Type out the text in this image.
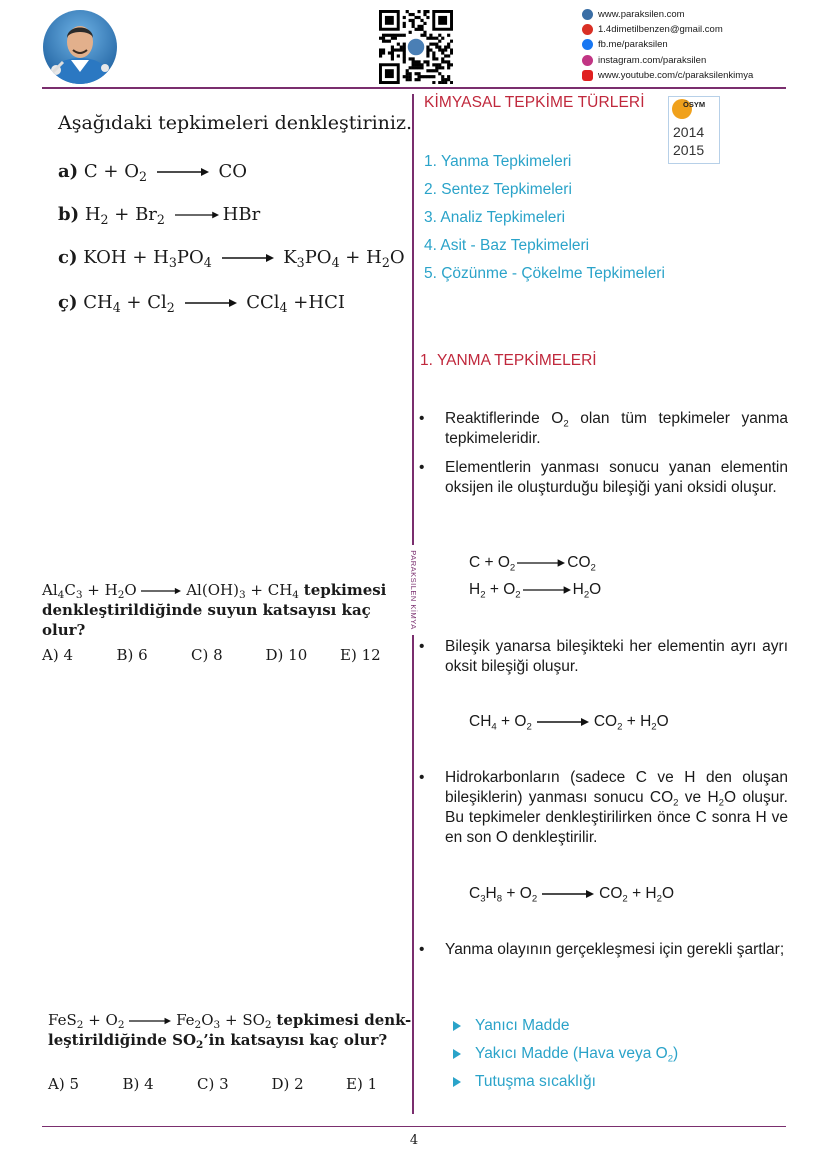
www.paraksilen.com
1.4dimetilbenzen@gmail.com
fb.me/paraksilen
instagram.com/paraksilen
www.youtube.com/c/paraksilenkimya
Aşağıdaki tepkimeleri denkleştiriniz.
a) $C + O_2$ → CO
b) $H_2 + Br_2$ → HBr
c) KOH + $H_3PO_4 \to K_3PO_4 + H_2O$
ç) $CH_4 + Cl_2 \to CCl_4 +HCI$
$Al_4C_3 + H_2O \to Al(OH)_3 + CH_4$ tepkimesi
denkleştirildiğinde suyun katsayısı kaç olur?
A) 4	B) 6	C) 8	D) 10	E) 12
$FeS_2 + O_2 \to Fe_2O_3 + SO_2$ tepkimesi denk-
leştirildiğinde $SO_2’in$ katsayısı kaç olur?
A) 5	B) 4	C) 3	D) 2	E) 1
PARAKSILEN KİMYA
KİMYASAL TEPKİME TÜRLERİ	ÖSYM
2014
2015
1. Yanma Tepkimeleri
2. Sentez Tepkimeleri
3. Analiz Tepkimeleri
4. Asit - Baz Tepkimeleri
5. Çözünme - Çökelme Tepkimeleri
1. YANMA TEPKİMELERİ
• Reaktiflerinde $O_2$ olan tüm tepkimeler yanma tepkimeleridir.
• Elementlerin yanması sonucu yanan elementin oksijen ile oluşturduğu bileşiği yani oksidi oluşur.
$C + O_2 \to CO_2$
$H_2 + O_2 \to H_2O$
• Bileşik yanarsa bileşikteki her elementin ayrı ayrı oksit bileşiği oluşur.
$CH_4 + O_2 \to CO_2 + H_2O$
• Hidrokarbonların (sadece C ve H den oluşan bileşiklerin) yanması sonucu $CO_2$ ve $H_2O$ oluşur. Bu tepkimeler denkleştirilirken önce C sonra H ve en son O denkleştirilir.
$C_3H_8 + O_2 \to CO_2 + H_2O$
• Yanma olayının gerçekleşmesi için gerekli şartlar;
Yanıcı Madde
Yakıcı Madde (Hava veya $O_2$)
Tutuşma sıcaklığı
4
